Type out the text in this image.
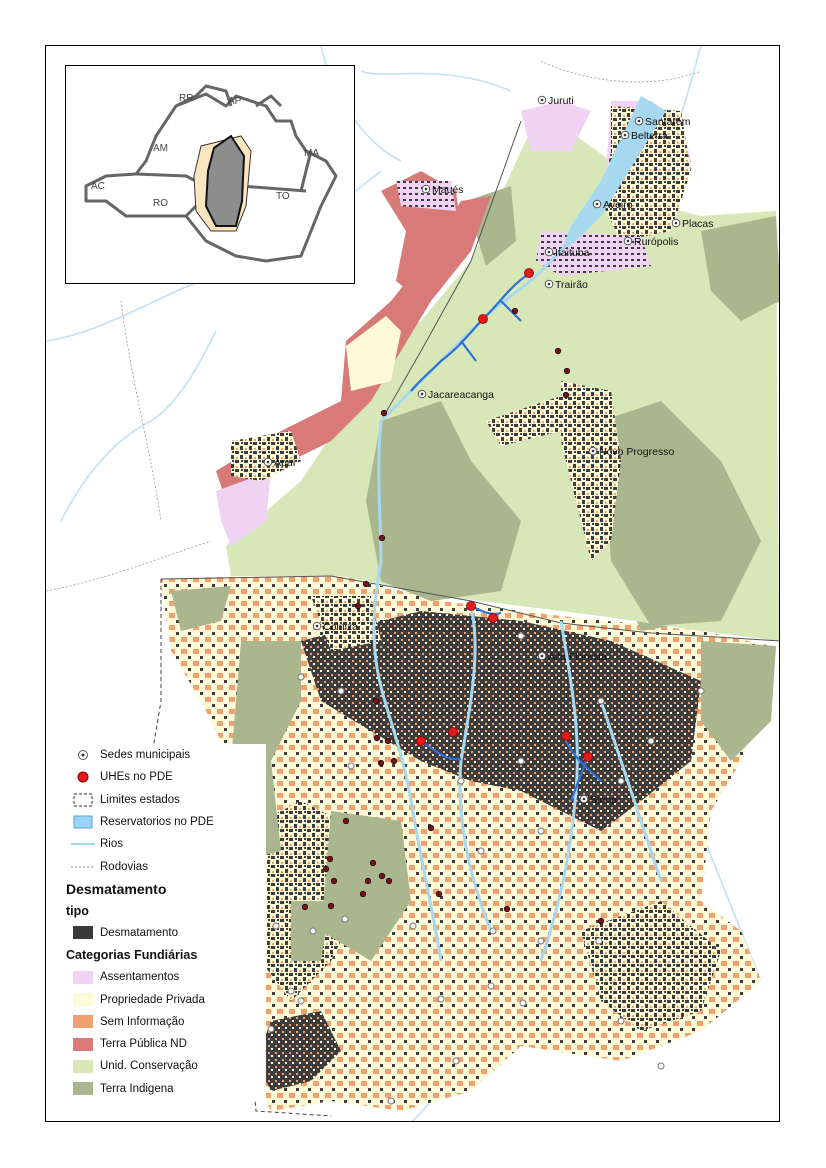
Juruti
Santarém
Belterra
Maués
Aveiro
Placas
Rurópolis
Itaituba
Trairão
Jacareacanga
Apuí
Novo Progresso
Colniza
Alta Floresta
Sinop
RR	AP
AM	MA
AC
RO
TO
Sedes municipais
UHEs no PDE
Limites estados
Reservatorios no PDE
Rios
Rodovias
Desmatamento
tipo
Desmatamento
Categorias Fundiárias
Assentamentos
Propriedade Privada
Sem Informação
Terra Pública ND
Unid. Conservação
Terra Indigena
